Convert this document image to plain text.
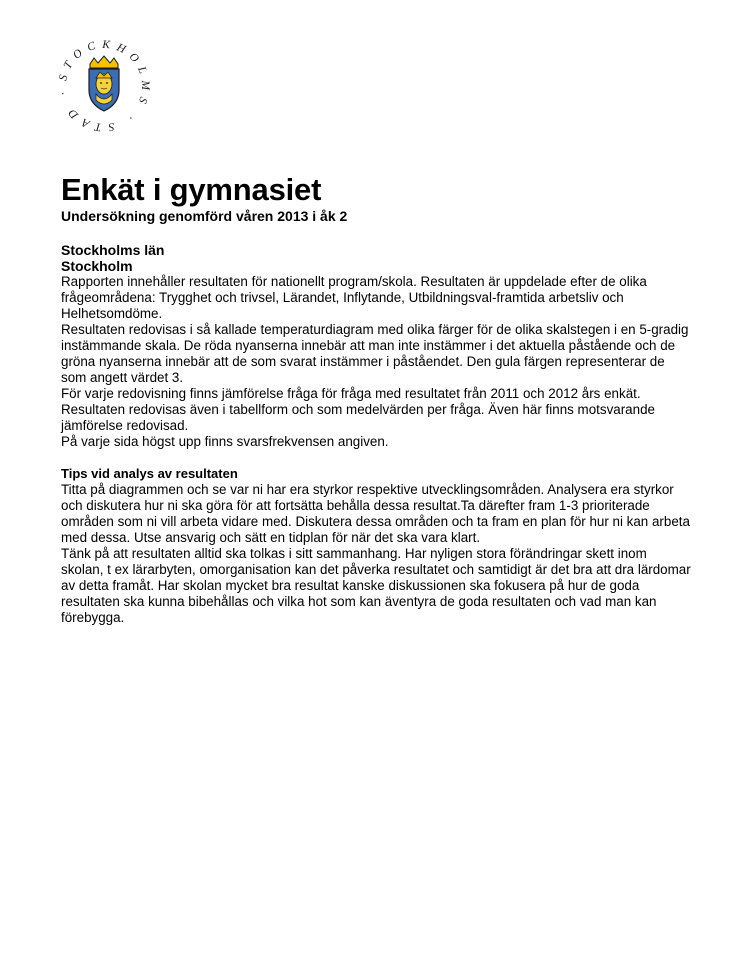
STOCKHOLMS · STAD ·
Enkät i gymnasiet
Undersökning genomförd våren 2013 i åk 2
Stockholms län
Stockholm

Rapporten innehåller resultaten för nationellt program/skola. Resultaten är uppdelade efter de olika frågeområdena: Trygghet och trivsel, Lärandet, Inflytande, Utbildningsval-framtida arbetsliv och Helhetsomdöme.

Resultaten redovisas i så kallade temperaturdiagram med olika färger för de olika skalstegen i en 5-gradig instämmande skala. De röda nyanserna innebär att man inte instämmer i det aktuella påstående och de gröna nyanserna innebär att de som svarat instämmer i påståendet. Den gula färgen representerar de som angett värdet 3.

För varje redovisning finns jämförelse fråga för fråga med resultatet från 2011 och 2012 års enkät.

Resultaten redovisas även i tabellform och som medelvärden per fråga. Även här finns motsvarande jämförelse redovisad.

På varje sida högst upp finns svarsfrekvensen angiven.

Tips vid analys av resultaten

Titta på diagrammen och se var ni har era styrkor respektive utvecklingsområden. Analysera era styrkor och diskutera hur ni ska göra för att fortsätta behålla dessa resultat.Ta därefter fram 1-3 prioriterade områden som ni vill arbeta vidare med. Diskutera dessa områden och ta fram en plan för hur ni kan arbeta med dessa. Utse ansvarig och sätt en tidplan för när det ska vara klart.

Tänk på att resultaten alltid ska tolkas i sitt sammanhang. Har nyligen stora förändringar skett inom skolan, t ex lärarbyten, omorganisation kan det påverka resultatet och samtidigt är det bra att dra lärdomar av detta framåt. Har skolan mycket bra resultat kanske diskussionen ska fokusera på hur de goda resultaten ska kunna bibehållas och vilka hot som kan äventyra de goda resultaten och vad man kan förebygga.
